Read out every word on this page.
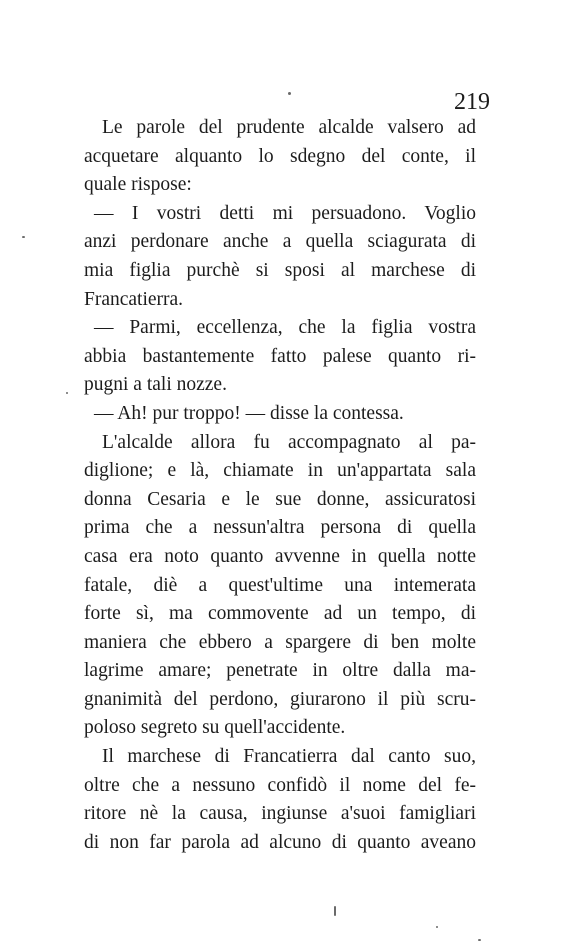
219
Le parole del prudente alcalde valsero ad
acquetare alquanto lo sdegno del conte, il
quale rispose:
— I vostri detti mi persuadono. Voglio
anzi perdonare anche a quella sciagurata di
mia figlia purchè si sposi al marchese di
Francatierra.
— Parmi, eccellenza, che la figlia vostra
abbia bastantemente fatto palese quanto ri-
pugni a tali nozze.
— Ah! pur troppo! — disse la contessa.
L'alcalde allora fu accompagnato al pa-
diglione; e là, chiamate in un'appartata sala
donna Cesaria e le sue donne, assicuratosi
prima che a nessun'altra persona di quella
casa era noto quanto avvenne in quella notte
fatale, diè a quest'ultime una intemerata
forte sì, ma commovente ad un tempo, di
maniera che ebbero a spargere di ben molte
lagrime amare; penetrate in oltre dalla ma-
gnanimità del perdono, giurarono il più scru-
poloso segreto su quell'accidente.
Il marchese di Francatierra dal canto suo,
oltre che a nessuno confidò il nome del fe-
ritore nè la causa, ingiunse a'suoi famigliari
di non far parola ad alcuno di quanto aveano
